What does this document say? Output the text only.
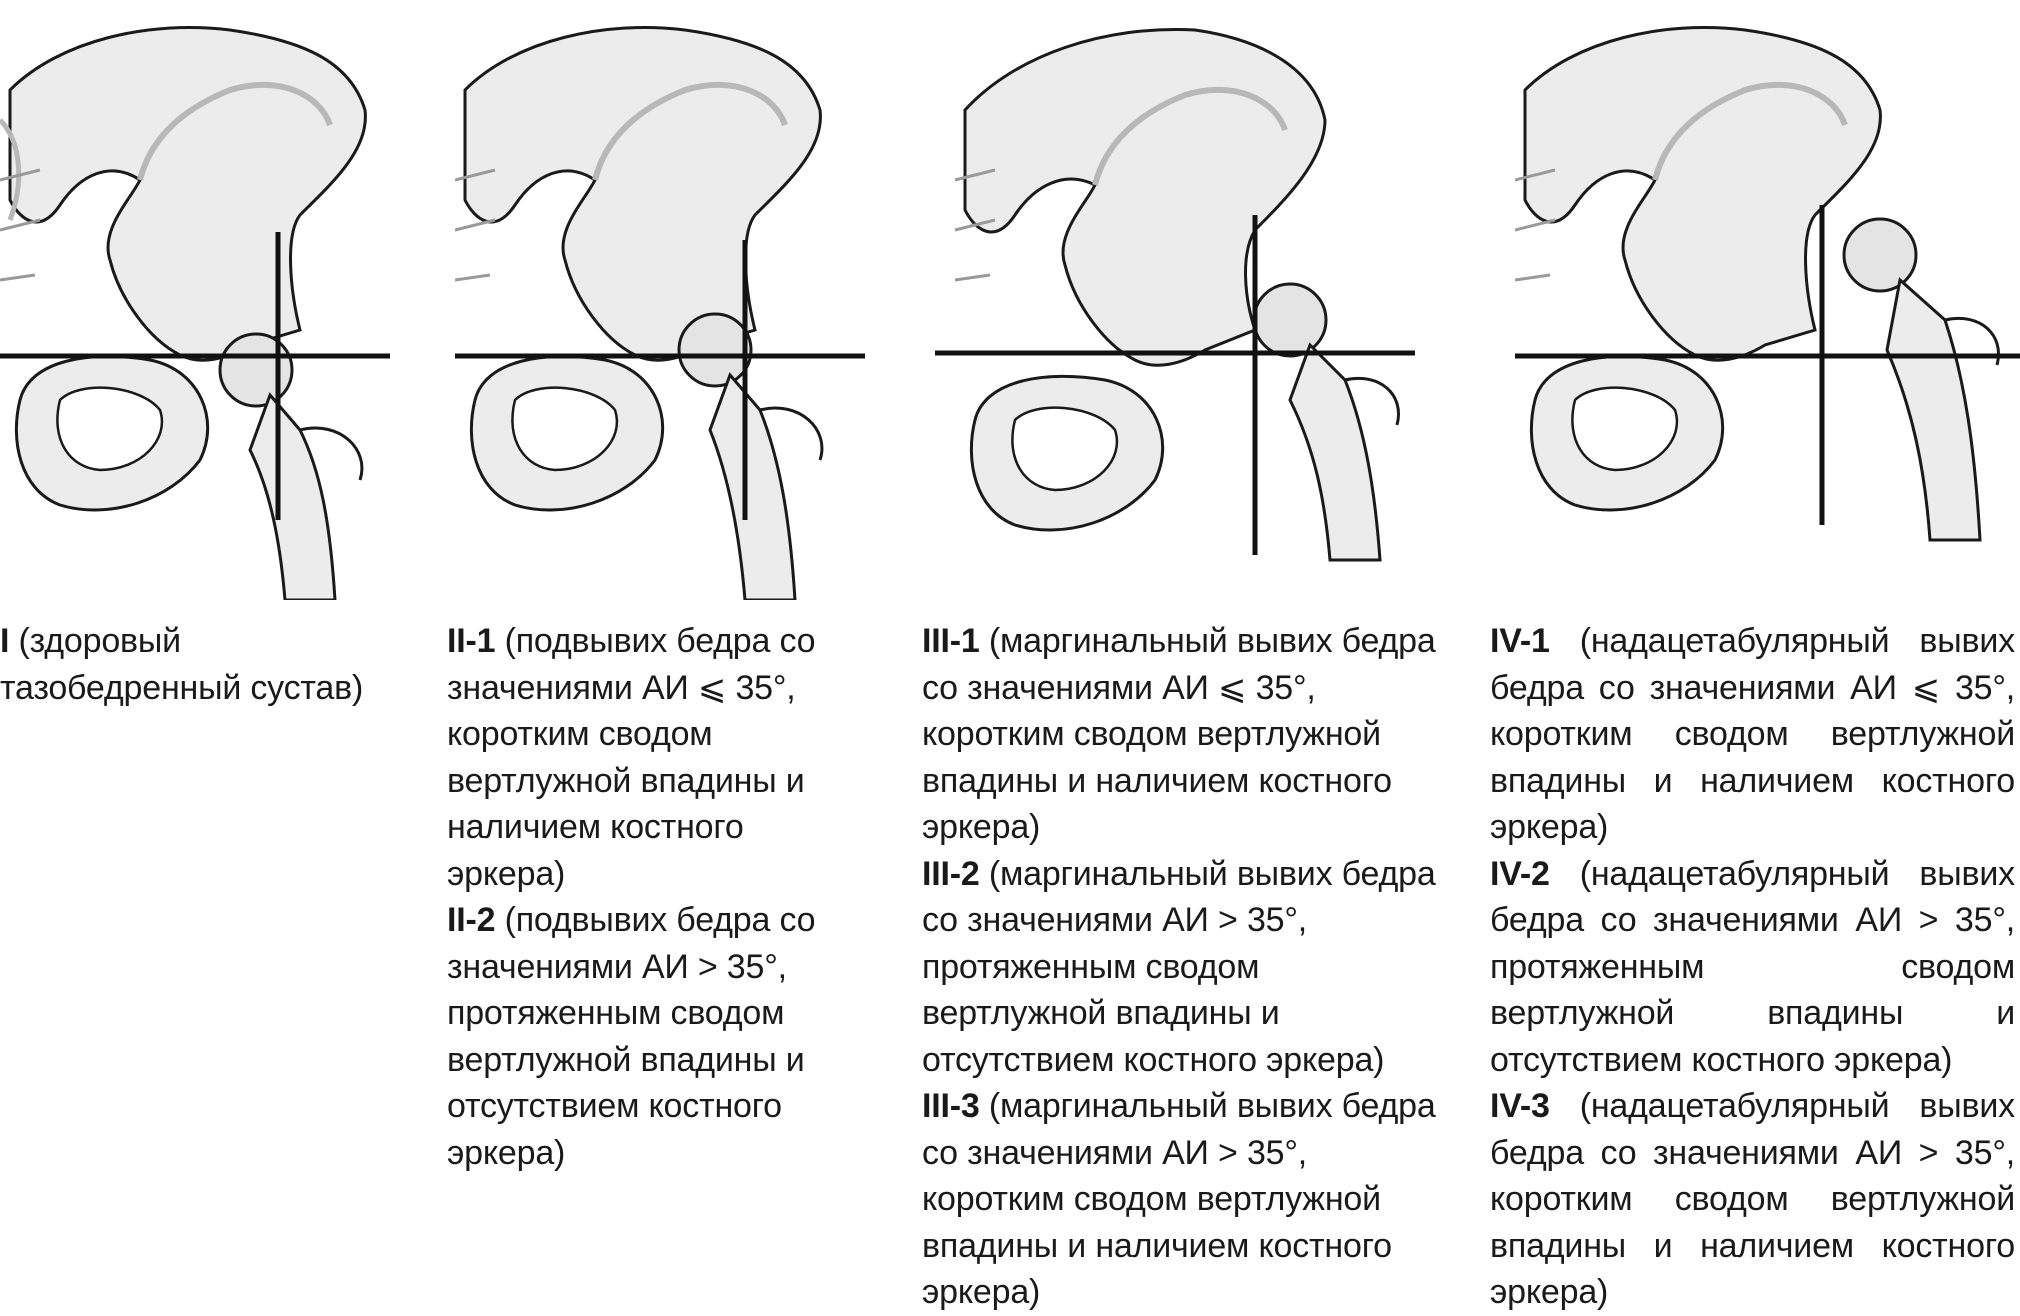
I (здоровый тазобедренный сустав)

II-1 (подвывих бедра со значениями АИ ⩽ 35°, коротким сводом вертлужной впадины и наличием костного эркера)

II-2 (подвывих бедра со значениями АИ > 35°, протяженным сводом вертлужной впадины и отсутствием костного эркера)

III-1 (маргинальный вывих бедра со значениями АИ ⩽ 35°, коротким сводом вертлужной впадины и наличием костного эркера)

III-2 (маргинальный вывих бедра со значениями АИ > 35°, протяженным сводом вертлужной впадины и отсутствием костного эркера)

III-3 (маргинальный вывих бедра со значениями АИ > 35°, коротким сводом вертлужной впадины и наличием костного эркера)

IV-1 (надацетабулярный вывих бедра со значениями АИ ⩽ 35°, коротким сводом вертлужной впадины и наличием костного эркера)

IV-2 (надацетабулярный вывих бедра со значениями АИ > 35°, протяженным сводом вертлужной впадины и отсутствием костного эркера)

IV-3 (надацетабулярный вывих бедра со значениями АИ > 35°, коротким сводом вертлужной впадины и наличием костного эркера)
